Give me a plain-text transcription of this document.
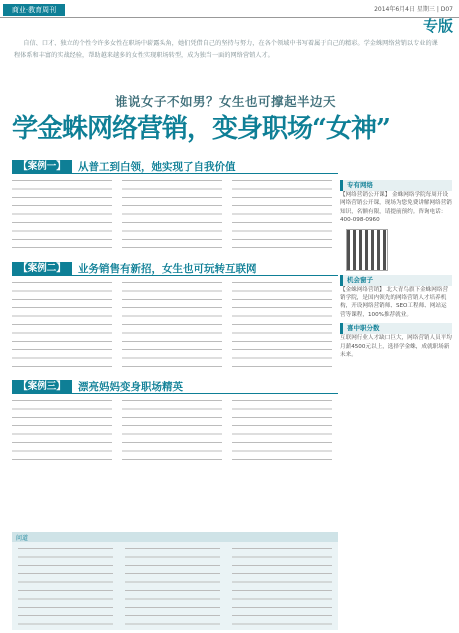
商业·教育周刊	2014年6月4日 星期三 | D07
专版
自信、口才、独立的个性令许多女性在职场中崭露头角，她们凭借自己的坚持与努力，在各个领域中书写着属于自己的精彩。学金蛛网络营销以专业的课程体系和丰富的实战经验，帮助越来越多的女性实现职场转型，成为独当一面的网络营销人才。
谁说女子不如男？女生也可撑起半边天
学金蛛网络营销，变身职场“女神”
【案例一】	从普工到白领，她实现了自我价值
【案例二】	业务销售有新招，女生也可玩转互联网
【案例三】	漂亮妈妈变身职场精英
问道
专有网络
【网络营销公开课】 金蛛网络学院每周开设网络营销公开课，现场为您免费讲解网络营销知识，名额有限，请提前预约。咨询电话：400-098-0960
机会窗子
【金蛛网络营销】 北大青鸟旗下金蛛网络营销学院，是国内领先的网络营销人才培养机构，开设网络营销师、SEO工程师、网站运营等课程，100%推荐就业。
喜中职分数
互联网行业人才缺口巨大，网络营销人员平均月薪4500元以上，选择学金蛛，成就职场新未来。
